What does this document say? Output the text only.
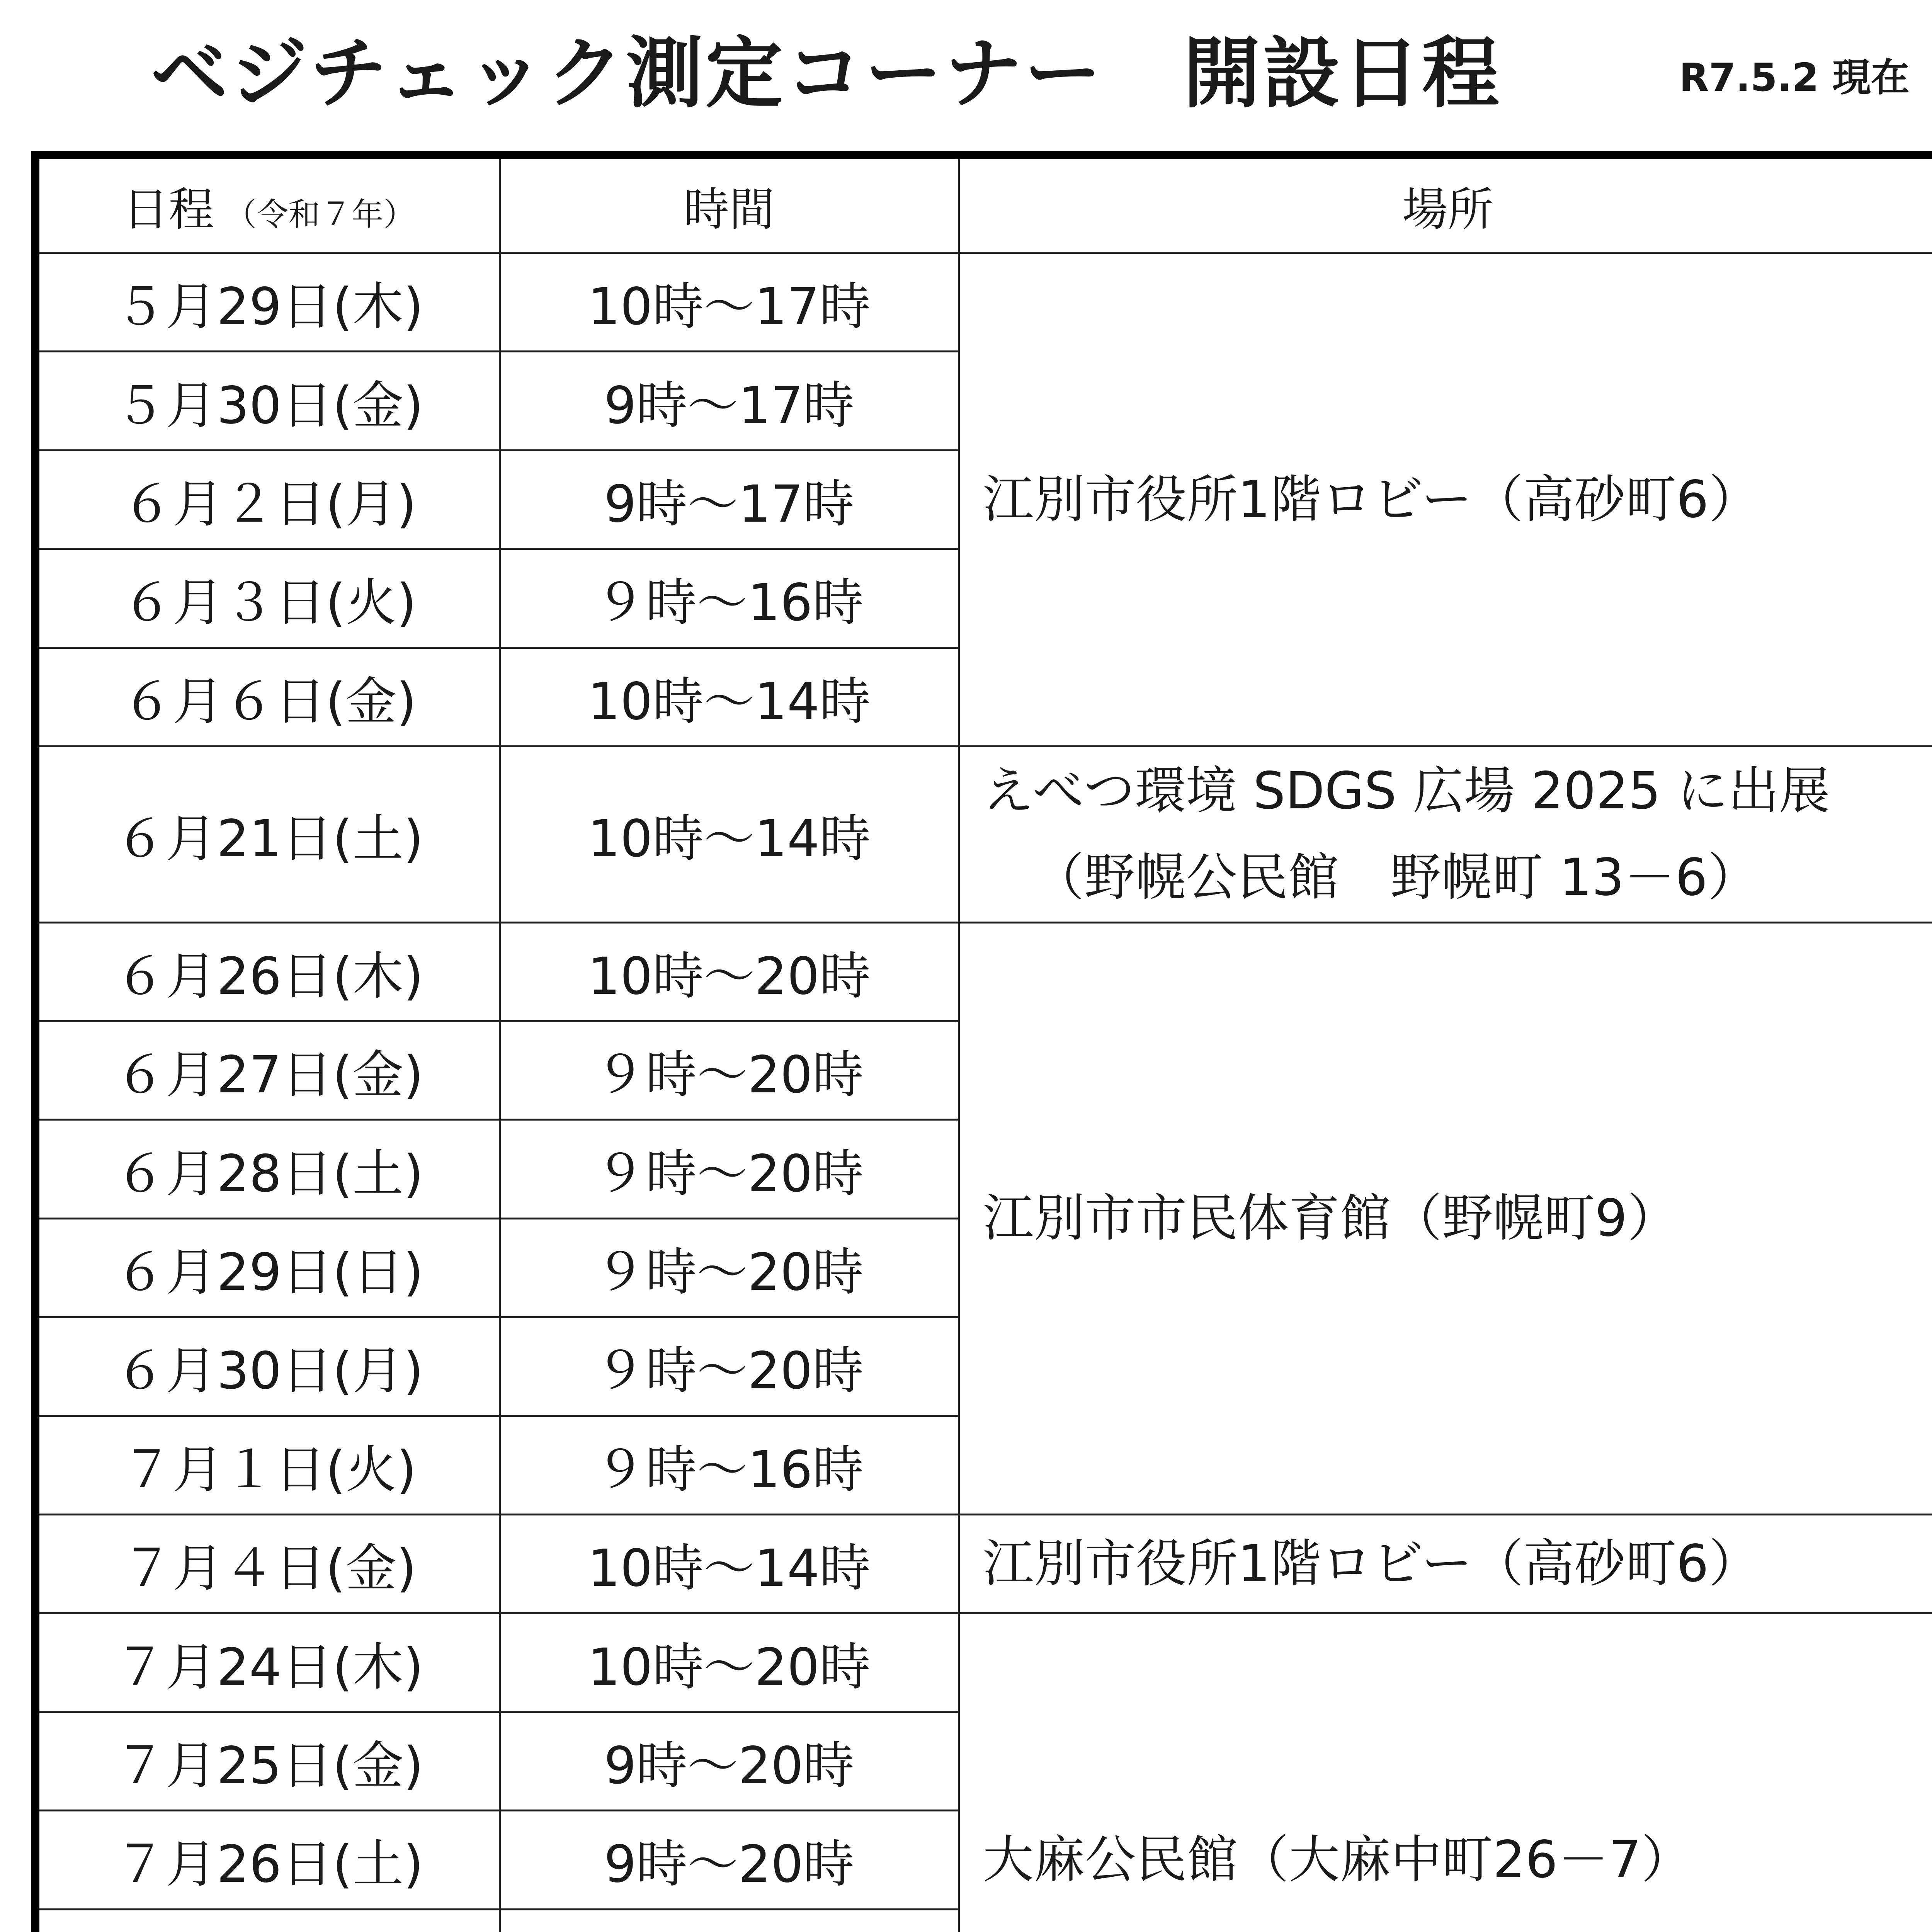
ベジチェック測定コーナー　開設日程	R7.5.2 現在
日程 （令和７年）	時間	場所
５月29日(木)	10時～17時	江別市役所1階ロビー（高砂町6）
５月30日(金)	9時～17時	
６月２日(月)	9時～17時	
６月３日(火)	９時～16時	
６月６日(金)	10時～14時	
６月21日(土)	10時～14時	えべつ環境 SDGS 広場 2025 に出展
（野幌公民館　野幌町 13－6）

６月26日(木)	10時～20時	江別市市民体育館（野幌町9）
６月27日(金)	９時～20時	
６月28日(土)	９時～20時	
６月29日(日)	９時～20時	
６月30日(月)	９時～20時	
７月１日(火)	９時～16時	
７月４日(金)	10時～14時	江別市役所1階ロビー（高砂町6）
７月24日(木)	10時～20時	大麻公民館（大麻中町26－7）
７月25日(金)	9時～20時	
７月26日(土)	9時～20時	
